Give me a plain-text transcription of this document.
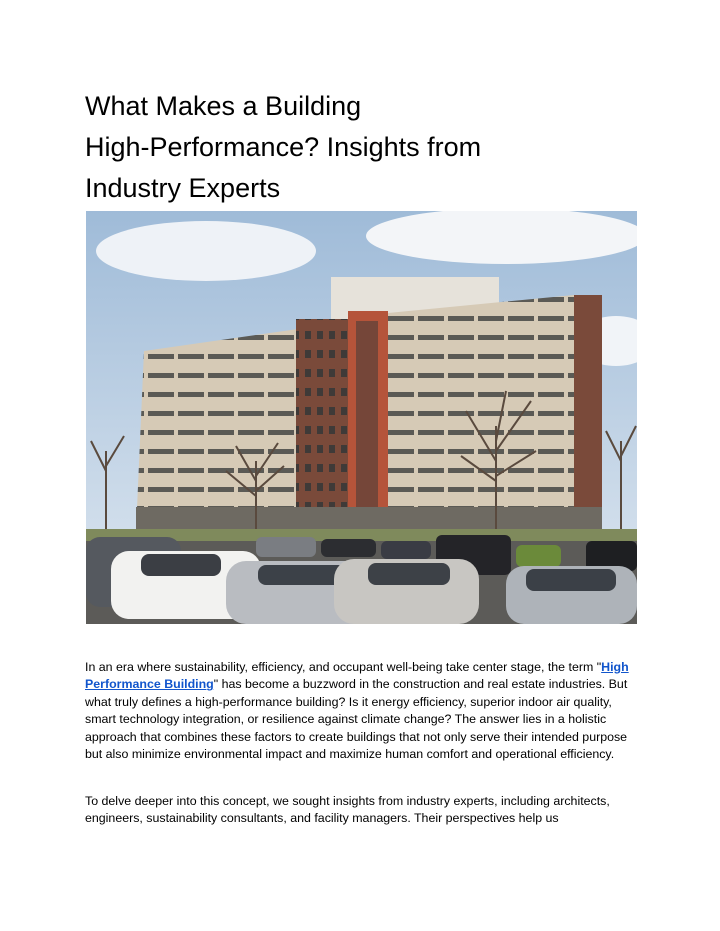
What Makes a Building
High-Performance? Insights from
Industry Experts

In an era where sustainability, efficiency, and occupant well-being take center stage, the term "High Performance Building" has become a buzzword in the construction and real estate industries. But what truly defines a high-performance building? Is it energy efficiency, superior indoor air quality, smart technology integration, or resilience against climate change? The answer lies in a holistic approach that combines these factors to create buildings that not only serve their intended purpose but also minimize environmental impact and maximize human comfort and operational efficiency.

To delve deeper into this concept, we sought insights from industry experts, including architects, engineers, sustainability consultants, and facility managers. Their perspectives help us
